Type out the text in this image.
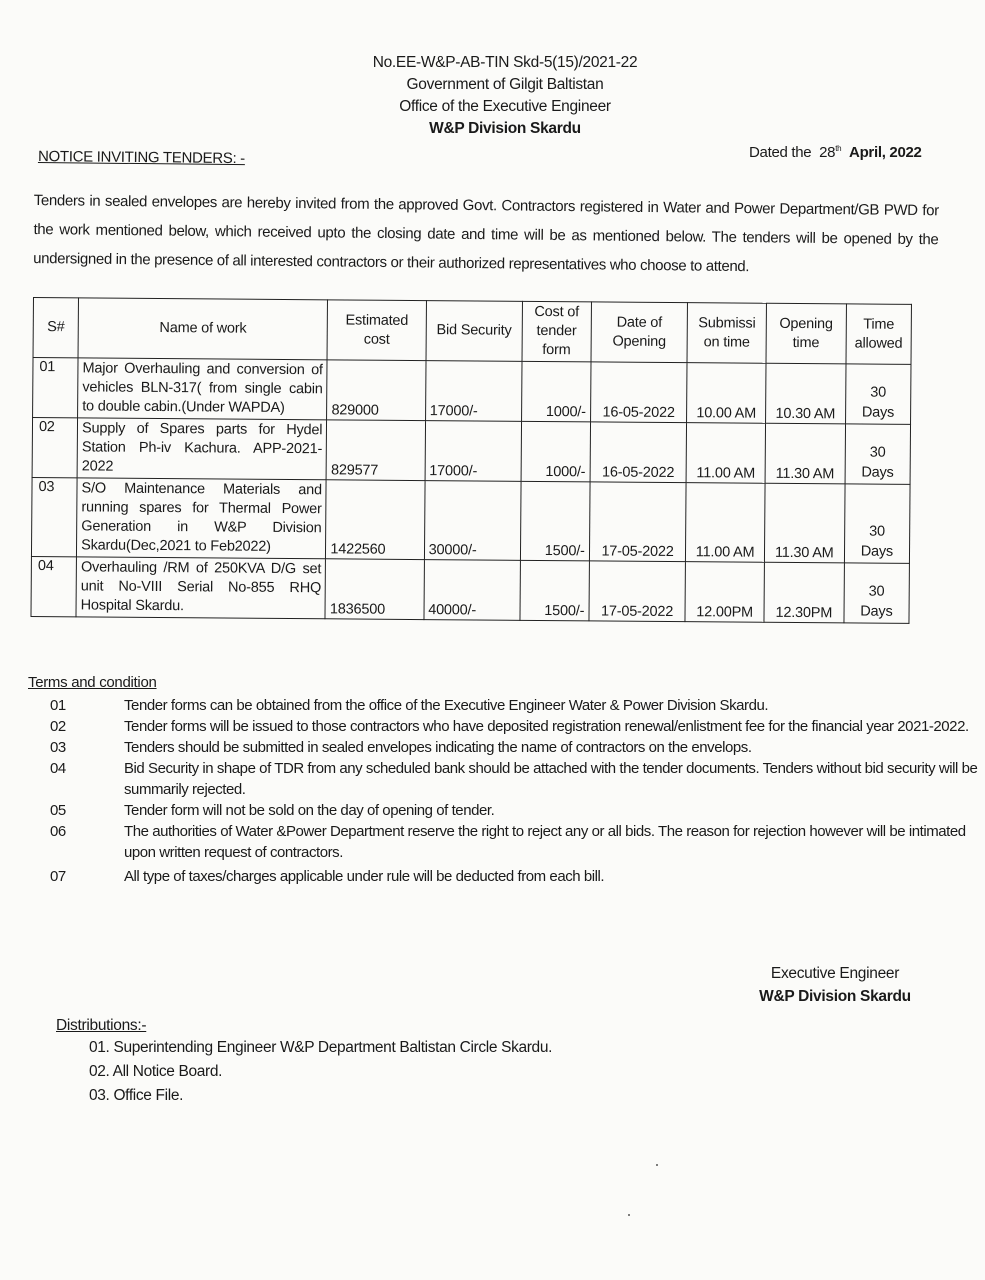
No.EE-W&P-AB-TIN Skd-5(15)/2021-22
Government of Gilgit Baltistan
Office of the Executive Engineer
W&P Division Skardu
NOTICE INVITING TENDERS: -	Dated the 28th April, 2022
Tenders in sealed envelopes are hereby invited from the approved Govt. Contractors registered in Water and Power Department/GB PWD for the work mentioned below, which received upto the closing date and time will be as mentioned below. The tenders will be opened by the undersigned in the presence of all interested contractors or their authorized representatives who choose to attend.
S#	Name of work	Estimated cost	Bid Security	Cost of tender form	Date of Opening	Submissi on time	Opening time	Time allowed
01	Major Overhauling and conversion of vehicles BLN-317( from single cabin to double cabin.(Under WAPDA)	829000	17000/-	1000/-	16-05-2022	10.00 AM	10.30 AM	30
Days

02	Supply of Spares parts for Hydel Station Ph-iv Kachura. APP-2021-2022	829577	17000/-	1000/-	16-05-2022	11.00 AM	11.30 AM	30
Days

03	S/O Maintenance Materials and running spares for Thermal Power Generation in W&P Division Skardu(Dec,2021 to Feb2022)	1422560	30000/-	1500/-	17-05-2022	11.00 AM	11.30 AM	30
Days

04	Overhauling /RM of 250KVA D/G set unit No-VIII Serial No-855 RHQ Hospital Skardu.	1836500	40000/-	1500/-	17-05-2022	12.00PM	12.30PM	30
Days
Terms and condition
01	Tender forms can be obtained from the office of the Executive Engineer Water & Power Division Skardu.
02	Tender forms will be issued to those contractors who have deposited registration renewal/enlistment fee for the financial year 2021-2022.
03	Tenders should be submitted in sealed envelopes indicating the name of contractors on the envelops.
04	Bid Security in shape of TDR from any scheduled bank should be attached with the tender documents. Tenders without bid security will be summarily rejected.
05	Tender form will not be sold on the day of opening of tender.
06	The authorities of Water &Power Department reserve the right to reject any or all bids. The reason for rejection however will be intimated upon written request of contractors.
07	All type of taxes/charges applicable under rule will be deducted from each bill.
Executive Engineer
W&P Division Skardu
Distributions:-
01. Superintending Engineer W&P Department Baltistan Circle Skardu.
02. All Notice Board.
03. Office File.
